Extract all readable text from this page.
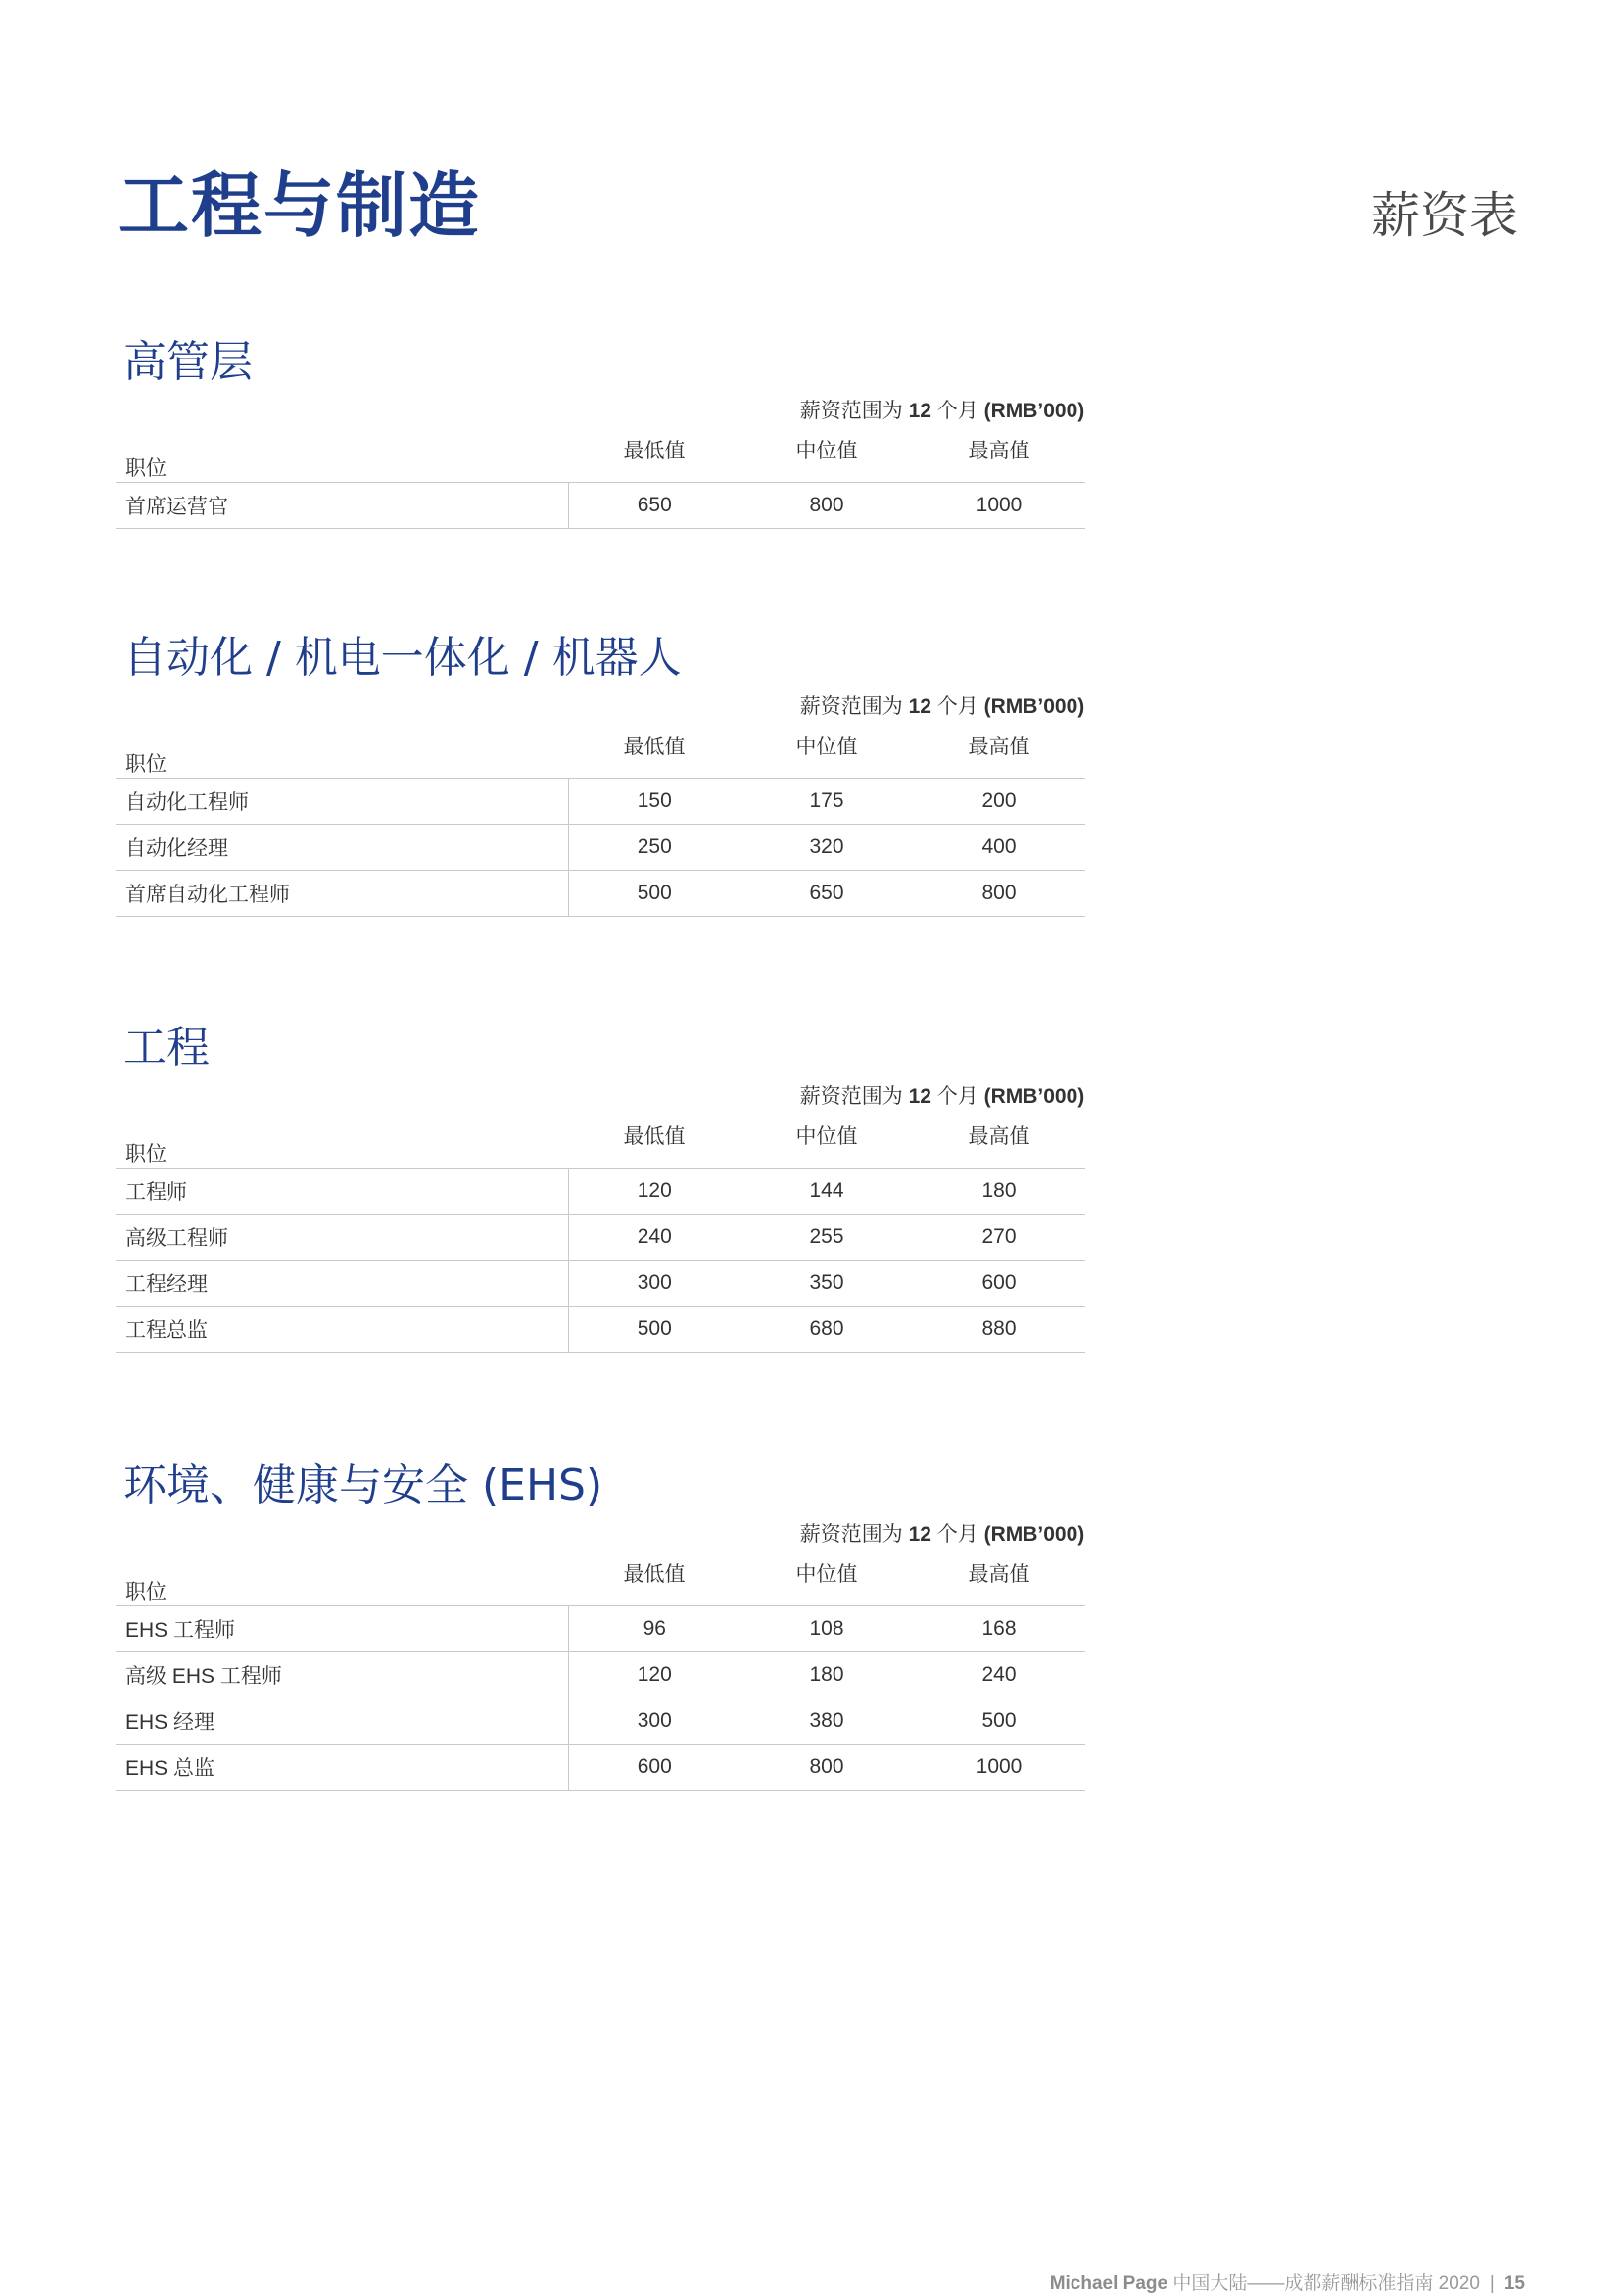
工程与制造	薪资表
高管层
薪资范围为 12 个月 (RMB’000)
职位	最低值	中位值	最高值
首席运营官	650	800	1000
自动化 / 机电一体化 / 机器人
薪资范围为 12 个月 (RMB’000)
职位	最低值	中位值	最高值
自动化工程师	150	175	200
自动化经理	250	320	400
首席自动化工程师	500	650	800
工程
薪资范围为 12 个月 (RMB’000)
职位	最低值	中位值	最高值
工程师	120	144	180
高级工程师	240	255	270
工程经理	300	350	600
工程总监	500	680	880
环境、健康与安全 (EHS)
薪资范围为 12 个月 (RMB’000)
职位	最低值	中位值	最高值
EHS 工程师	96	108	168
高级 EHS 工程师	120	180	240
EHS 经理	300	380	500
EHS 总监	600	800	1000
Michael Page 中国大陆——成都薪酬标准指南 2020 | 15
